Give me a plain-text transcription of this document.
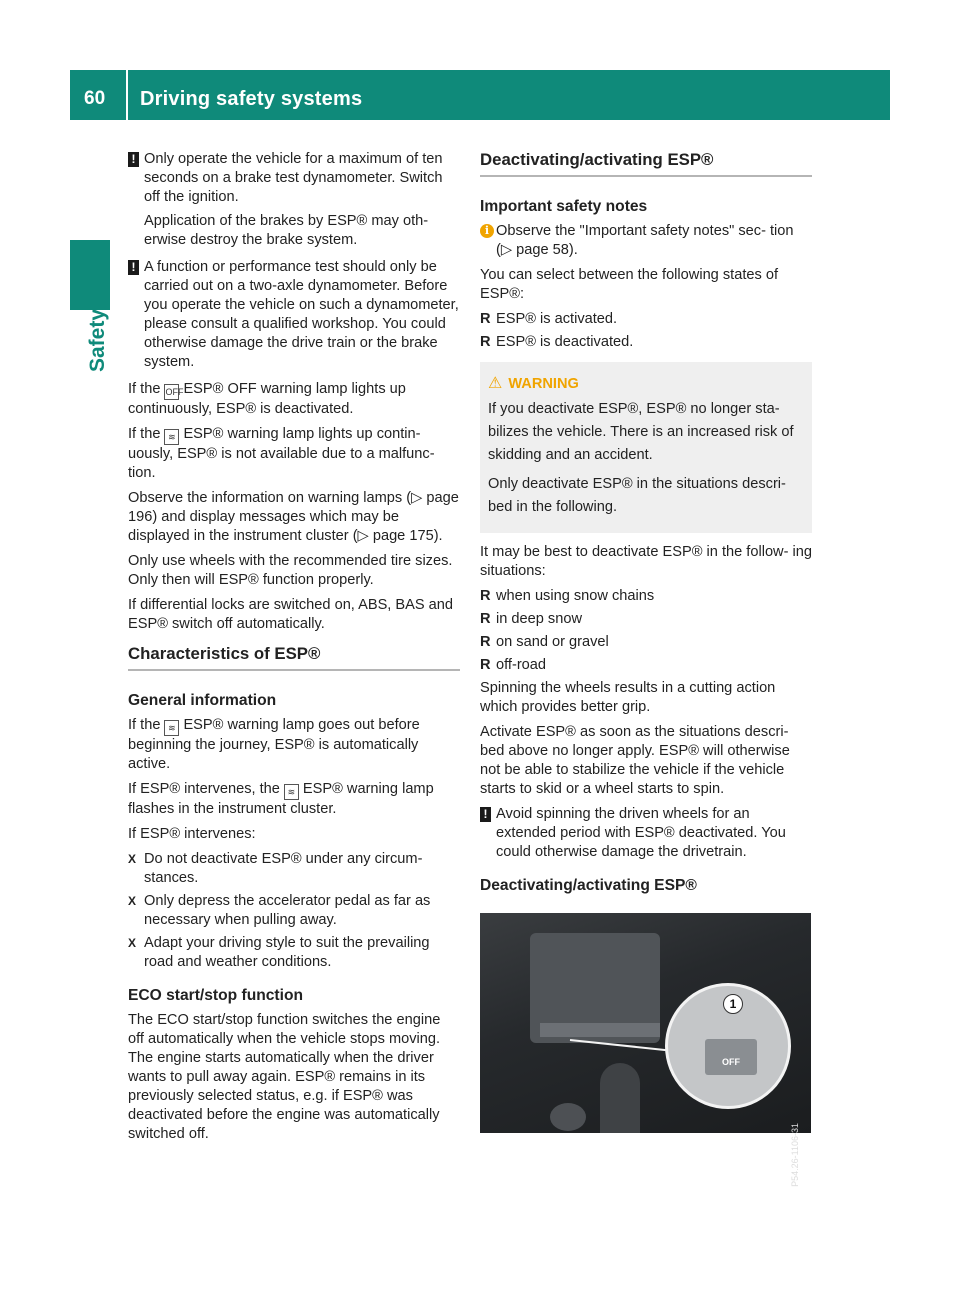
60 Driving safety systems
Safety
! Only operate the vehicle for a maximum of ten seconds on a brake test dynamometer. Switch off the ignition.

Application of the brakes by ESP® may oth- erwise destroy the brake system.

! A function or performance test should only be carried out on a two-axle dynamometer. Before you operate the vehicle on such a dynamometer, please consult a qualified workshop. You could otherwise damage the drive train or the brake system.

If the OFFESP® OFF warning lamp lights up continuously, ESP® is deactivated.

If the ≋ ESP® warning lamp lights up contin- uously, ESP® is not available due to a malfunc- tion.

Observe the information on warning lamps (▷ page 196) and display messages which may be displayed in the instrument cluster (▷ page 175).

Only use wheels with the recommended tire sizes. Only then will ESP® function properly.

If differential locks are switched on, ABS, BAS and ESP® switch off automatically.

Characteristics of ESP®
General information

If the ≋ ESP® warning lamp goes out before beginning the journey, ESP® is automatically active.

If ESP® intervenes, the ≋ ESP® warning lamp flashes in the instrument cluster.

If ESP® intervenes:

X Do not deactivate ESP® under any circum- stances.
X Only depress the accelerator pedal as far as necessary when pulling away.
X Adapt your driving style to suit the prevailing road and weather conditions.
ECO start/stop function

The ECO start/stop function switches the engine off automatically when the vehicle stops moving. The engine starts automatically when the driver wants to pull away again. ESP® remains in its previously selected status, e.g. if ESP® was deactivated before the engine was automatically switched off.

Deactivating/activating ESP®
Important safety notes
i Observe the "Important safety notes" sec- tion (▷ page 58).

You can select between the following states of ESP®:

R ESP® is activated.
R ESP® is deactivated.
⚠ WARNING

If you deactivate ESP®, ESP® no longer sta- bilizes the vehicle. There is an increased risk of skidding and an accident.

Only deactivate ESP® in the situations descri- bed in the following.

It may be best to deactivate ESP® in the follow- ing situations:

R when using snow chains
R in deep snow
R on sand or gravel
R off-road

Spinning the wheels results in a cutting action which provides better grip.

Activate ESP® as soon as the situations descri- bed above no longer apply. ESP® will otherwise not be able to stabilize the vehicle if the vehicle starts to skid or a wheel starts to spin.

! Avoid spinning the driven wheels for an extended period with ESP® deactivated. You could otherwise damage the drivetrain.

Deactivating/activating ESP®
1
OFF
P54.26-1106-31
